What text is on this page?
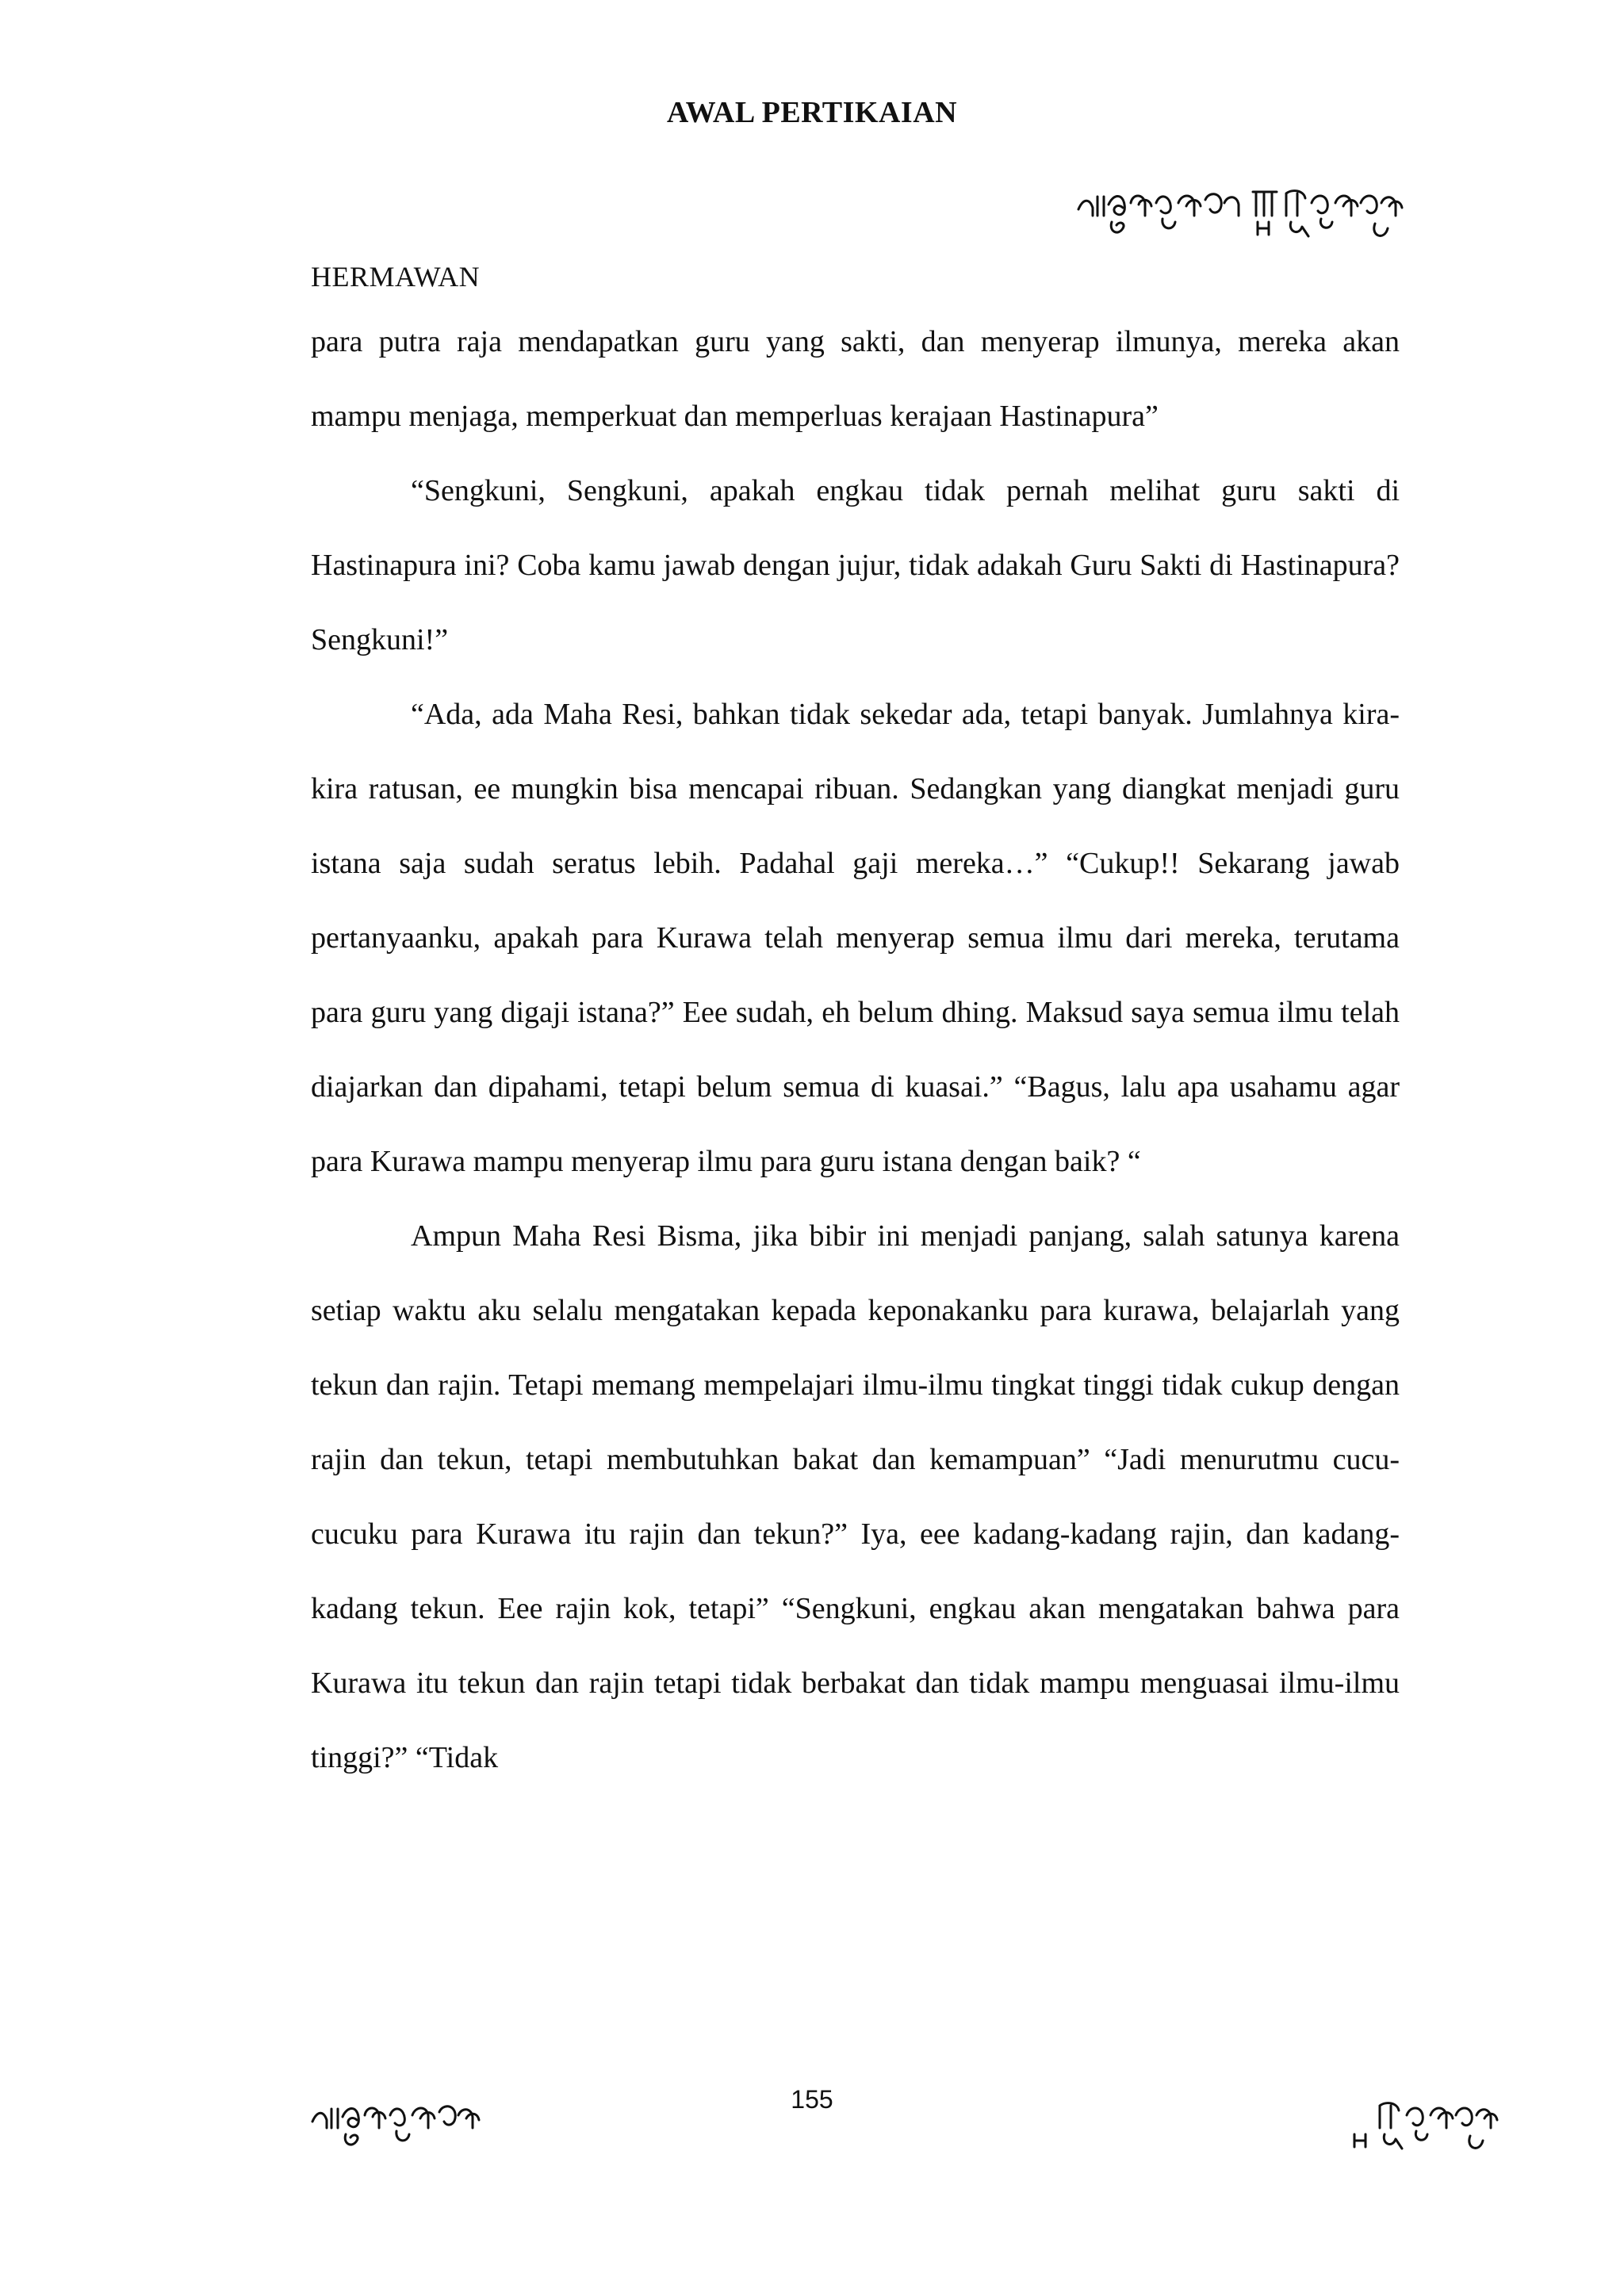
AWAL PERTIKAIAN
HERMAWAN

para putra raja mendapatkan guru yang sakti, dan menyerap ilmunya, mereka akan mampu menjaga, memperkuat dan memperluas kerajaan Hastinapura”

“Sengkuni, Sengkuni, apakah engkau tidak pernah melihat guru sakti di Hastinapura ini? Coba kamu jawab dengan jujur, tidak adakah Guru Sakti di Hastinapura? Sengkuni!”

“Ada, ada Maha Resi, bahkan tidak sekedar ada, tetapi banyak. Jumlahnya kira-kira ratusan, ee mungkin bisa mencapai ribuan. Sedangkan yang diangkat menjadi guru istana saja sudah seratus lebih. Padahal gaji mereka…” “Cukup!! Sekarang jawab pertanyaanku, apakah para Kurawa telah menyerap semua ilmu dari mereka, terutama para guru yang digaji istana?” Eee sudah, eh belum dhing. Maksud saya semua ilmu telah diajarkan dan dipahami, tetapi belum semua di kuasai.” “Bagus, lalu apa usahamu agar para Kurawa mampu menyerap ilmu para guru istana dengan baik? “

Ampun Maha Resi Bisma, jika bibir ini menjadi panjang, salah satunya karena setiap waktu aku selalu mengatakan kepada keponakanku para kurawa, belajarlah yang tekun dan rajin. Tetapi memang mempelajari ilmu-ilmu tingkat tinggi tidak cukup dengan rajin dan tekun, tetapi membutuhkan bakat dan kemampuan” “Jadi menurutmu cucu-cucuku para Kurawa itu rajin dan tekun?” Iya, eee kadang-kadang rajin, dan kadang-kadang tekun. Eee rajin kok, tetapi” “Sengkuni, engkau akan mengatakan bahwa para Kurawa itu tekun dan rajin tetapi tidak berbakat dan tidak mampu menguasai ilmu-ilmu tinggi?” “Tidak

155
